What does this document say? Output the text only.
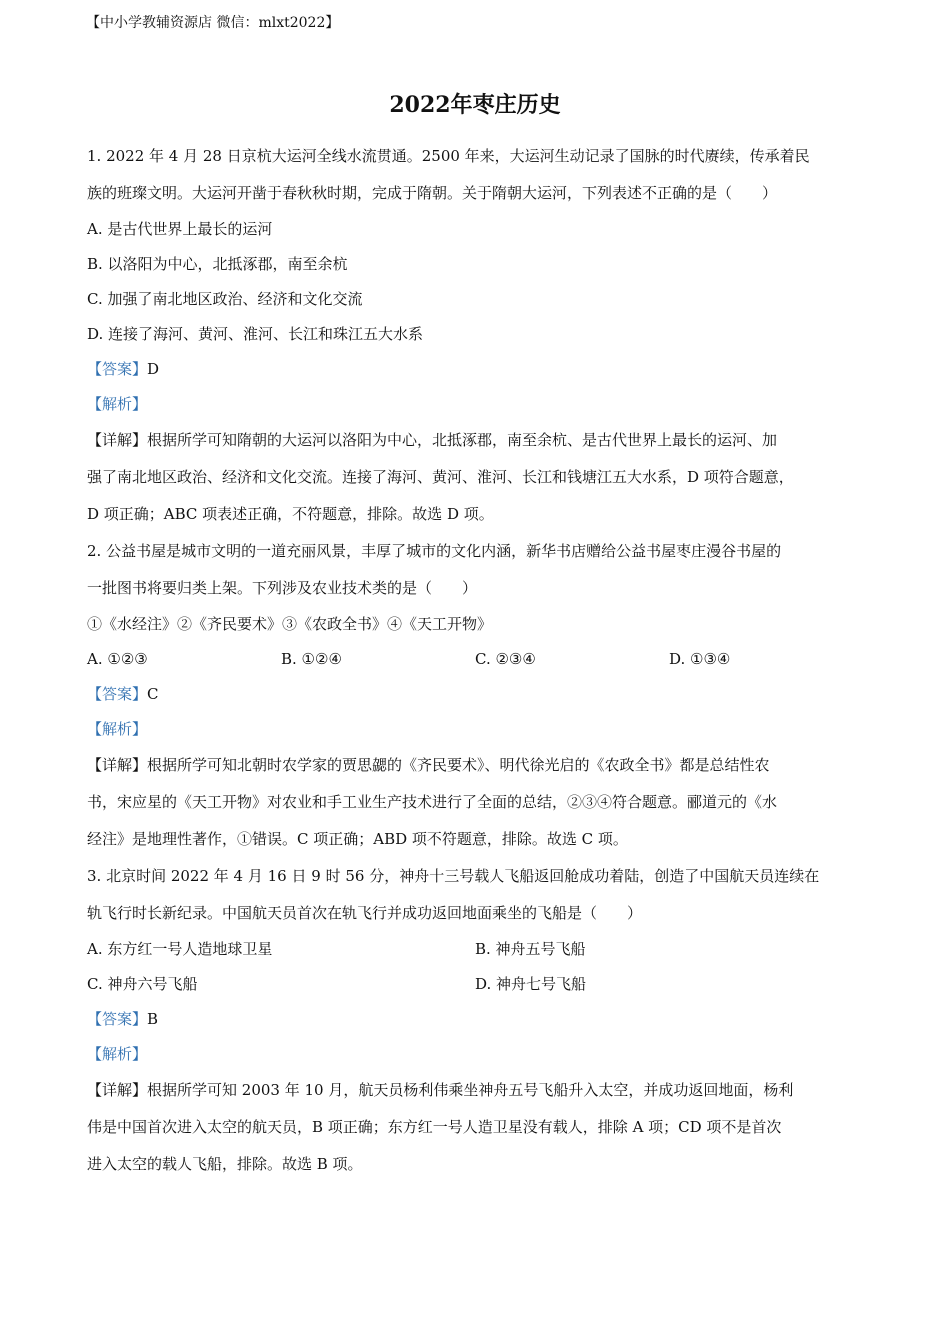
【中小学教辅资源店 微信：mlxt2022】
2022年枣庄历史
1. 2022 年 4 月 28 日京杭大运河全线水流贯通。2500 年来，大运河生动记录了国脉的时代赓续，传承着民
族的班璨文明。大运河开凿于春秋秋时期，完成于隋朝。关于隋朝大运河，下列表述不正确的是（　　）
A. 是古代世界上最长的运河
B. 以洛阳为中心，北抵涿郡，南至余杭
C. 加强了南北地区政治、经济和文化交流
D. 连接了海河、黄河、淮河、长江和珠江五大水系
【答案】D
【解析】
【详解】根据所学可知隋朝的大运河以洛阳为中心，北抵涿郡，南至余杭、是古代世界上最长的运河、加
强了南北地区政治、经济和文化交流。连接了海河、黄河、淮河、长江和钱塘江五大水系，D 项符合题意，
D 项正确；ABC 项表述正确，不符题意，排除。故选 D 项。
2. 公益书屋是城市文明的一道充丽风景，丰厚了城市的文化内涵，新华书店赠给公益书屋枣庄漫谷书屋的
一批图书将要归类上架。下列涉及农业技术类的是（　　）
①《水经注》②《齐民要术》③《农政全书》④《天工开物》
A. ①②③	B. ①②④	C. ②③④	D. ①③④
【答案】C
【解析】
【详解】根据所学可知北朝时农学家的贾思勰的《齐民要术》、明代徐光启的《农政全书》都是总结性农
书，宋应星的《天工开物》对农业和手工业生产技术进行了全面的总结，②③④符合题意。郦道元的《水
经注》是地理性著作，①错误。C 项正确；ABD 项不符题意，排除。故选 C 项。
3. 北京时间 2022 年 4 月 16 日 9 时 56 分，神舟十三号载人飞船返回舱成功着陆，创造了中国航天员连续在
轨飞行时长新纪录。中国航天员首次在轨飞行并成功返回地面乘坐的飞船是（　　）
A. 东方红一号人造地球卫星	B. 神舟五号飞船
C. 神舟六号飞船	D. 神舟七号飞船
【答案】B
【解析】
【详解】根据所学可知 2003 年 10 月，航天员杨利伟乘坐神舟五号飞船升入太空，并成功返回地面，杨利
伟是中国首次进入太空的航天员，B 项正确；东方红一号人造卫星没有载人，排除 A 项；CD 项不是首次
进入太空的载人飞船，排除。故选 B 项。
